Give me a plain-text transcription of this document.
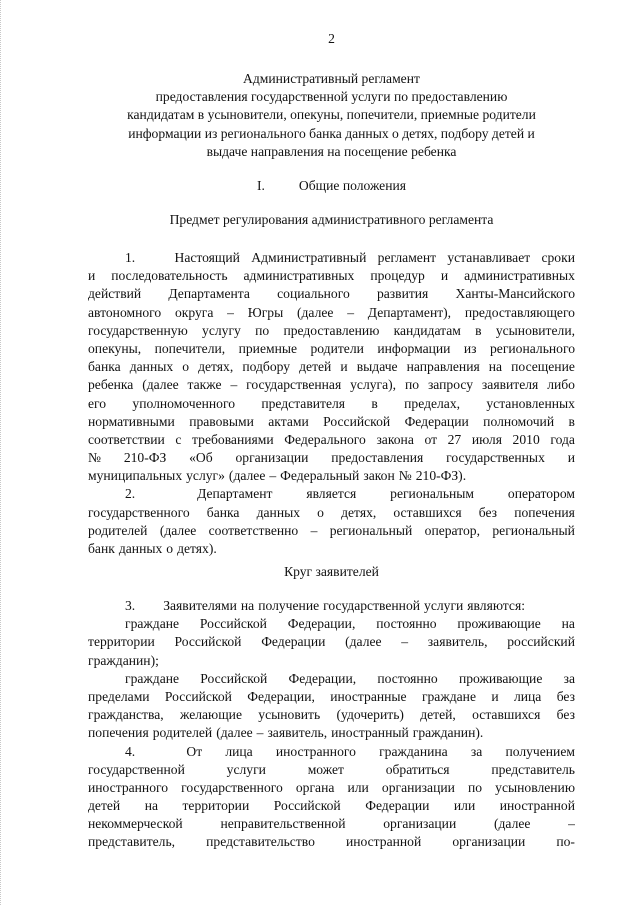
2
Административный регламент
предоставления государственной услуги по предоставлению
кандидатам в усыновители, опекуны, попечители, приемные родители
информации из регионального банка данных о детях, подбору детей и
выдаче направления на посещение ребенка
I.	Общие положения
Предмет регулирования административного регламента
1.	Настоящий Административный регламент устанавливает сроки
и последовательность административных процедур и административных
действий Департамента социального развития Ханты-Мансийского
автономного округа – Югры (далее – Департамент), предоставляющего
государственную услугу по предоставлению кандидатам в усыновители,
опекуны, попечители, приемные родители информации из регионального
банка данных о детях, подбору детей и выдаче направления на посещение
ребенка (далее также – государственная услуга), по запросу заявителя либо
его уполномоченного представителя в пределах, установленных
нормативными правовыми актами Российской Федерации полномочий в
соответствии с требованиями Федерального закона от 27 июля 2010 года
№ 210-ФЗ «Об организации предоставления государственных и
муниципальных услуг» (далее – Федеральный закон № 210-ФЗ).
2.	Департамент является региональным оператором
государственного банка данных о детях, оставшихся без попечения
родителей (далее соответственно – региональный оператор, региональный
банк данных о детях).
Круг заявителей
3. Заявителями на получение государственной услуги являются:
граждане Российской Федерации, постоянно проживающие на
территории Российской Федерации (далее – заявитель, российский
гражданин);
граждане Российской Федерации, постоянно проживающие за
пределами Российской Федерации, иностранные граждане и лица без
гражданства, желающие усыновить (удочерить) детей, оставшихся без
попечения родителей (далее – заявитель, иностранный гражданин).
4.	От лица иностранного гражданина за получением
государственной	услуги	может	обратиться	представитель
иностранного государственного органа или организации по усыновлению
детей на территории Российской Федерации или иностранной
некоммерческой	неправительственной	организации	(далее	–
представитель, представительство иностранной организации по-
